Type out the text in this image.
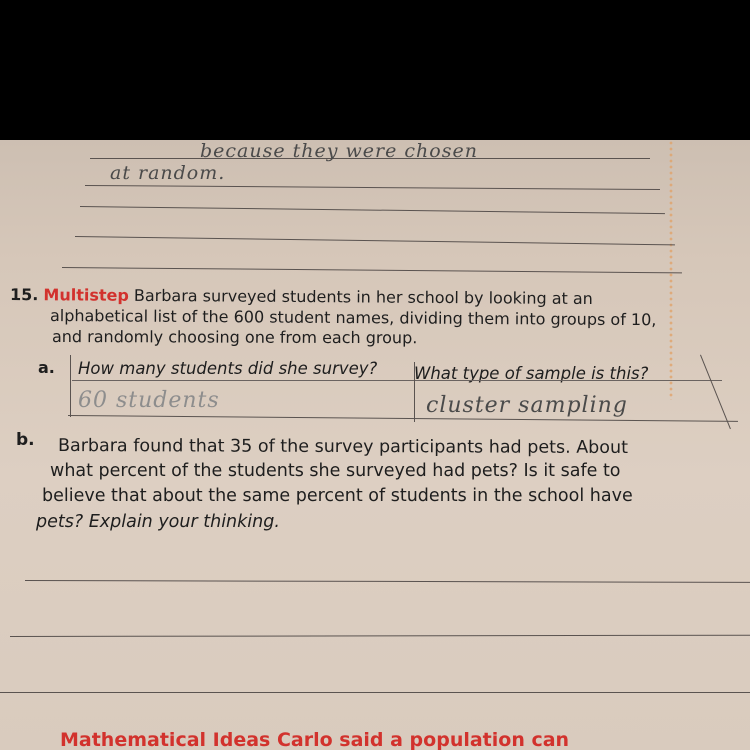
because they were chosen
at random.
15. Multistep Barbara surveyed students in her school by looking at an
alphabetical list of the 600 student names, dividing them into groups of 10,
and randomly choosing one from each group.
a. How many students did she survey? What type of sample is this?
60 students	cluster sampling
b. Barbara found that 35 of the survey participants had pets. About
what percent of the students she surveyed had pets? Is it safe to
believe that about the same percent of students in the school have
pets? Explain your thinking.
Mathematical Ideas Carlo said a population can
